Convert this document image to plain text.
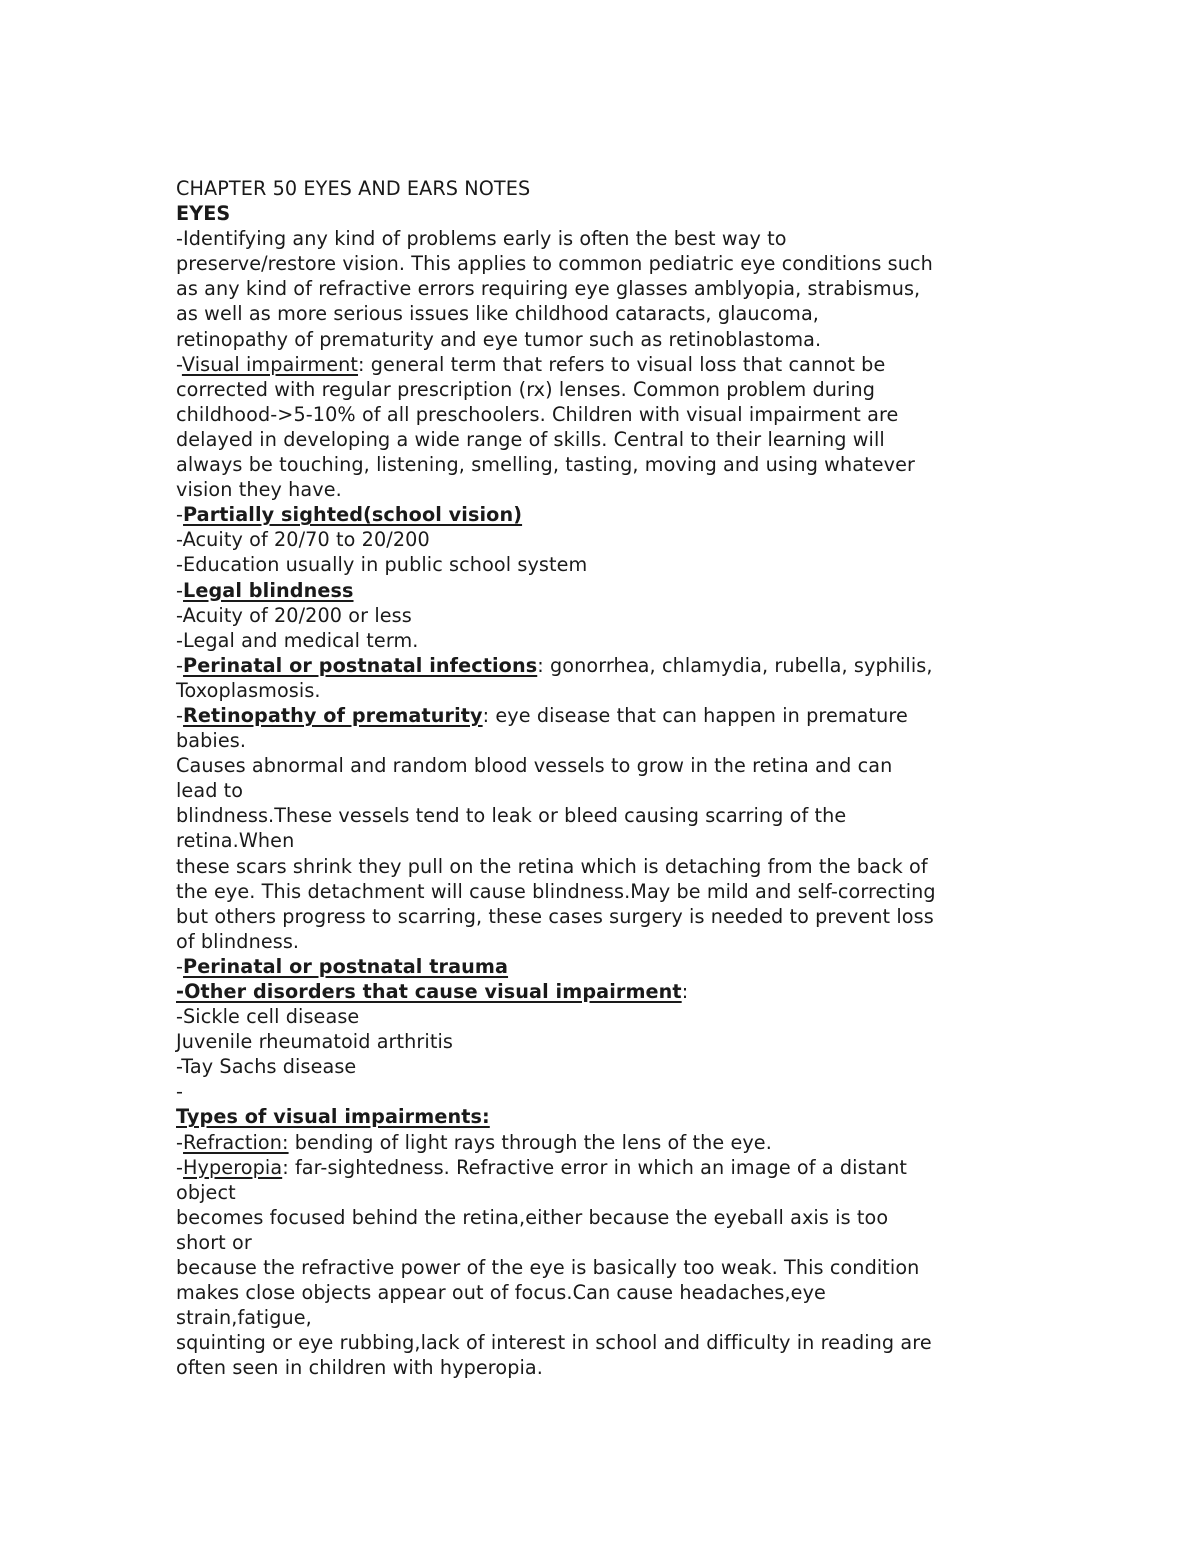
CHAPTER 50 EYES AND EARS NOTES
EYES
-Identifying any kind of problems early is often the best way to
preserve/restore vision. This applies to common pediatric eye conditions such
as any kind of refractive errors requiring eye glasses amblyopia, strabismus,
as well as more serious issues like childhood cataracts, glaucoma,
retinopathy of prematurity and eye tumor such as retinoblastoma.
-Visual impairment: general term that refers to visual loss that cannot be
corrected with regular prescription (rx) lenses. Common problem during
childhood->5-10% of all preschoolers. Children with visual impairment are
delayed in developing a wide range of skills. Central to their learning will
always be touching, listening, smelling, tasting, moving and using whatever
vision they have.
-Partially sighted(school vision)
-Acuity of 20/70 to 20/200
-Education usually in public school system
-Legal blindness
-Acuity of 20/200 or less
-Legal and medical term.
-Perinatal or postnatal infections: gonorrhea, chlamydia, rubella, syphilis,
Toxoplasmosis.
-Retinopathy of prematurity: eye disease that can happen in premature
babies.
Causes abnormal and random blood vessels to grow in the retina and can
lead to
blindness.These vessels tend to leak or bleed causing scarring of the
retina.When
these scars shrink they pull on the retina which is detaching from the back of
the eye. This detachment will cause blindness.May be mild and self-correcting
but others progress to scarring, these cases surgery is needed to prevent loss
of blindness.
-Perinatal or postnatal trauma
-Other disorders that cause visual impairment:
-Sickle cell disease
Juvenile rheumatoid arthritis
-Tay Sachs disease
-
Types of visual impairments:
-Refraction: bending of light rays through the lens of the eye.
-Hyperopia: far-sightedness. Refractive error in which an image of a distant
object
becomes focused behind the retina,either because the eyeball axis is too
short or
because the refractive power of the eye is basically too weak. This condition
makes close objects appear out of focus.Can cause headaches,eye
strain,fatigue,
squinting or eye rubbing,lack of interest in school and difficulty in reading are
often seen in children with hyperopia.
